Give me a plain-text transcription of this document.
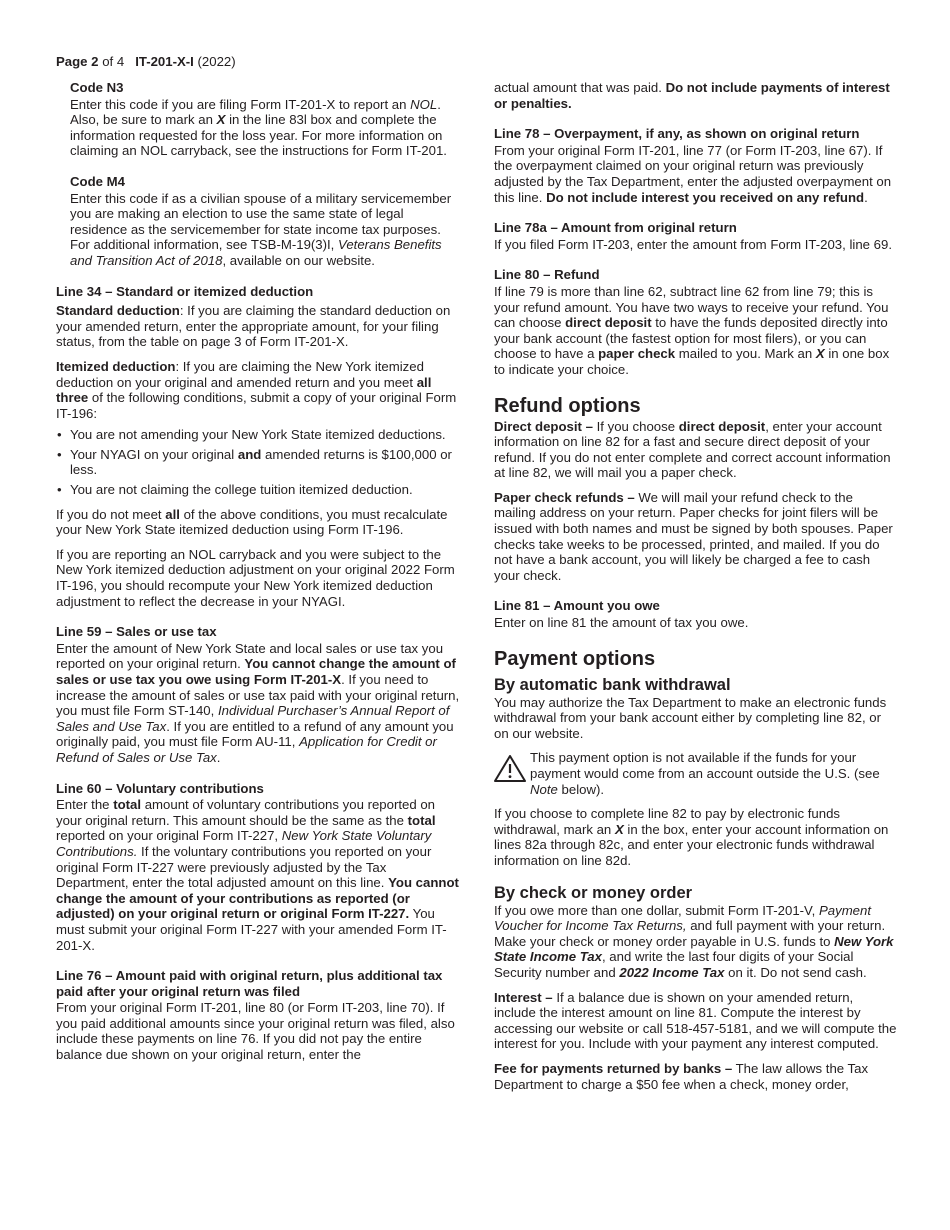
Page 2 of 4 IT-201-X-I (2022)

Code N3

Enter this code if you are filing Form IT-201-X to report an NOL. Also, be sure to mark an X in the line 83l box and complete the information requested for the loss year. For more information on claiming an NOL carryback, see the instructions for Form IT-201.

Code M4

Enter this code if as a civilian spouse of a military servicemember you are making an election to use the same state of legal residence as the servicemember for state income tax purposes. For additional information, see TSB-M-19(3)I, Veterans Benefits and Transition Act of 2018, available on our website.

Line 34 – Standard or itemized deduction

Standard deduction: If you are claiming the standard deduction on your amended return, enter the appropriate amount, for your filing status, from the table on page 3 of Form IT-201-X.

Itemized deduction: If you are claiming the New York itemized deduction on your original and amended return and you meet all three of the following conditions, submit a copy of your original Form IT-196:

• You are not amending your New York State itemized deductions.
• Your NYAGI on your original and amended returns is $100,000 or less.
• You are not claiming the college tuition itemized deduction.

If you do not meet all of the above conditions, you must recalculate your New York State itemized deduction using Form IT-196.

If you are reporting an NOL carryback and you were subject to the New York itemized deduction adjustment on your original 2022 Form IT-196, you should recompute your New York itemized deduction adjustment to reflect the decrease in your NYAGI.

Line 59 – Sales or use tax

Enter the amount of New York State and local sales or use tax you reported on your original return. You cannot change the amount of sales or use tax you owe using Form IT-201-X. If you need to increase the amount of sales or use tax paid with your original return, you must file Form ST-140, Individual Purchaser’s Annual Report of Sales and Use Tax. If you are entitled to a refund of any amount you originally paid, you must file Form AU-11, Application for Credit or Refund of Sales or Use Tax.

Line 60 – Voluntary contributions

Enter the total amount of voluntary contributions you reported on your original return. This amount should be the same as the total reported on your original Form IT-227, New York State Voluntary Contributions. If the voluntary contributions you reported on your original Form IT-227 were previously adjusted by the Tax Department, enter the total adjusted amount on this line. You cannot change the amount of your contributions as reported (or adjusted) on your original return or original Form IT-227. You must submit your original Form IT-227 with your amended Form IT-201-X.

Line 76 – Amount paid with original return, plus additional tax paid after your original return was filed

From your original Form IT-201, line 80 (or Form IT-203, line 70). If you paid additional amounts since your original return was filed, also include these payments on line 76. If you did not pay the entire balance due shown on your original return, enter the

actual amount that was paid. Do not include payments of interest or penalties.

Line 78 – Overpayment, if any, as shown on original return

From your original Form IT-201, line 77 (or Form IT-203, line 67). If the overpayment claimed on your original return was previously adjusted by the Tax Department, enter the adjusted overpayment on this line. Do not include interest you received on any refund.

Line 78a – Amount from original return

If you filed Form IT-203, enter the amount from Form IT-203, line 69.

Line 80 – Refund

If line 79 is more than line 62, subtract line 62 from line 79; this is your refund amount. You have two ways to receive your refund. You can choose direct deposit to have the funds deposited directly into your bank account (the fastest option for most filers), or you can choose to have a paper check mailed to you. Mark an X in one box to indicate your choice.

Refund options

Direct deposit – If you choose direct deposit, enter your account information on line 82 for a fast and secure direct deposit of your refund. If you do not enter complete and correct account information at line 82, we will mail you a paper check.

Paper check refunds – We will mail your refund check to the mailing address on your return. Paper checks for joint filers will be issued with both names and must be signed by both spouses. Paper checks take weeks to be processed, printed, and mailed. If you do not have a bank account, you will likely be charged a fee to cash your check.

Line 81 – Amount you owe

Enter on line 81 the amount of tax you owe.

Payment options

By automatic bank withdrawal

You may authorize the Tax Department to make an electronic funds withdrawal from your bank account either by completing line 82, or on our website.

This payment option is not available if the funds for your payment would come from an account outside the U.S. (see Note below).

If you choose to complete line 82 to pay by electronic funds withdrawal, mark an X in the box, enter your account information on lines 82a through 82c, and enter your electronic funds withdrawal information on line 82d.

By check or money order

If you owe more than one dollar, submit Form IT-201-V, Payment Voucher for Income Tax Returns, and full payment with your return. Make your check or money order payable in U.S. funds to New York State Income Tax, and write the last four digits of your Social Security number and 2022 Income Tax on it. Do not send cash.

Interest – If a balance due is shown on your amended return, include the interest amount on line 81. Compute the interest by accessing our website or call 518-457-5181, and we will compute the interest for you. Include with your payment any interest computed.

Fee for payments returned by banks – The law allows the Tax Department to charge a $50 fee when a check, money order,
